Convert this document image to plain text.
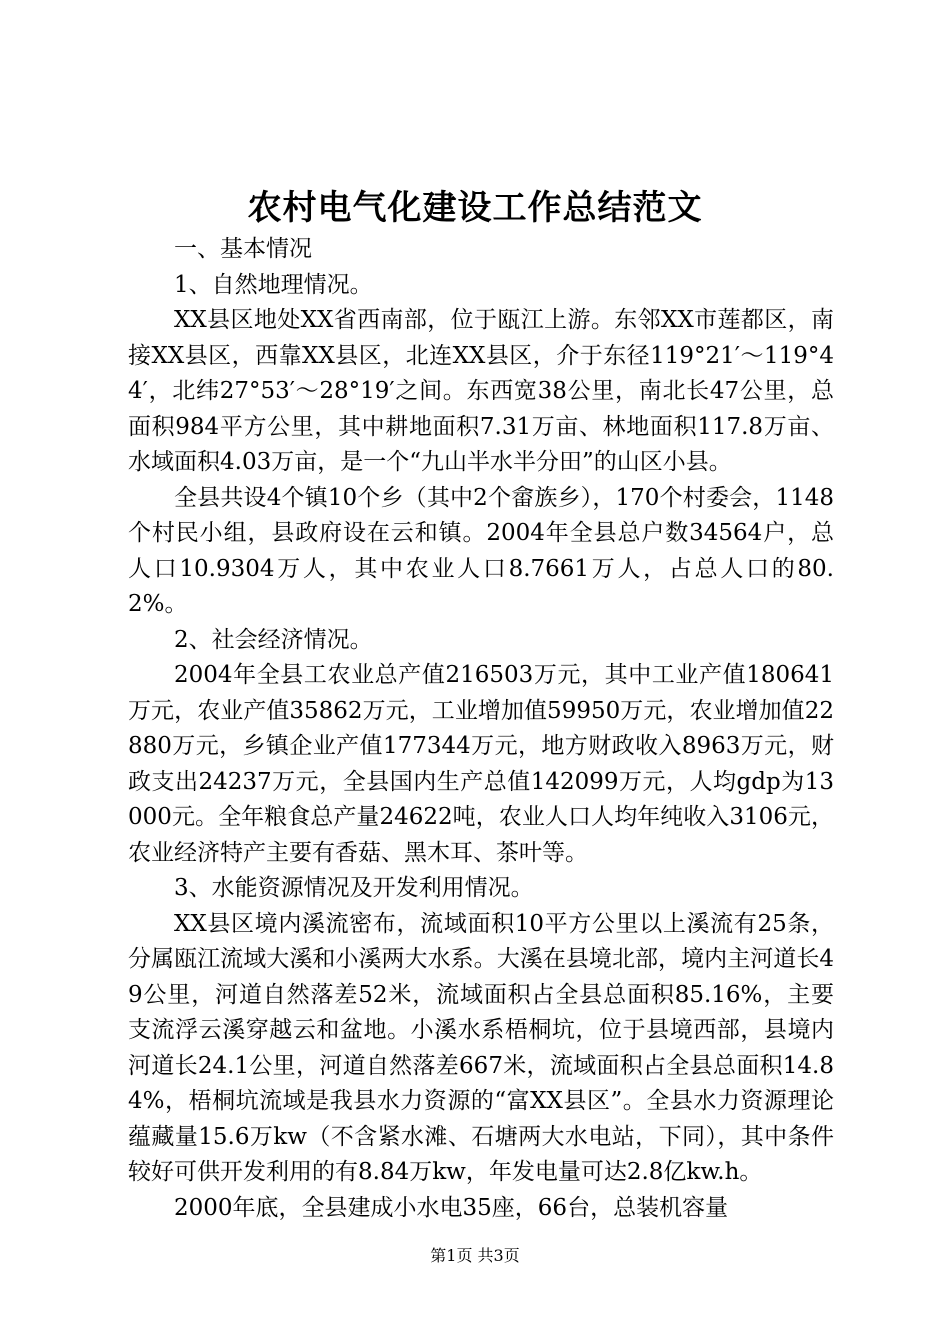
农村电气化建设工作总结范文

一、基本情况

1、自然地理情况。

XX县区地处XX省西南部，位于瓯江上游。东邻XX市莲都区，南接XX县区，西靠XX县区，北连XX县区，介于东径119°21′～119°44′，北纬27°53′～28°19′之间。东西宽38公里，南北长47公里，总面积984平方公里，其中耕地面积7.31万亩、林地面积117.8万亩、水域面积4.03万亩，是一个“九山半水半分田”的山区小县。

全县共设4个镇10个乡（其中2个畲族乡），170个村委会，1148个村民小组，县政府设在云和镇。2004年全县总户数34564户，总人口10.9304万人，其中农业人口8.7661万人，占总人口的80.2%。

2、社会经济情况。

2004年全县工农业总产值216503万元，其中工业产值180641万元，农业产值35862万元，工业增加值59950万元，农业增加值22880万元，乡镇企业产值177344万元，地方财政收入8963万元，财政支出24237万元，全县国内生产总值142099万元，人均gdp为13000元。全年粮食总产量24622吨，农业人口人均年纯收入3106元，农业经济特产主要有香菇、黑木耳、茶叶等。

3、水能资源情况及开发利用情况。

XX县区境内溪流密布，流域面积10平方公里以上溪流有25条，分属瓯江流域大溪和小溪两大水系。大溪在县境北部，境内主河道长49公里，河道自然落差52米，流域面积占全县总面积85.16%，主要支流浮云溪穿越云和盆地。小溪水系梧桐坑，位于县境西部，县境内河道长24.1公里，河道自然落差667米，流域面积占全县总面积14.84%，梧桐坑流域是我县水力资源的“富XX县区”。全县水力资源理论蕴藏量15.6万kw（不含紧水滩、石塘两大水电站，下同），其中条件较好可供开发利用的有8.84万kw，年发电量可达2.8亿kw.h。

2000年底，全县建成小水电35座，66台，总装机容量

第1页 共3页
